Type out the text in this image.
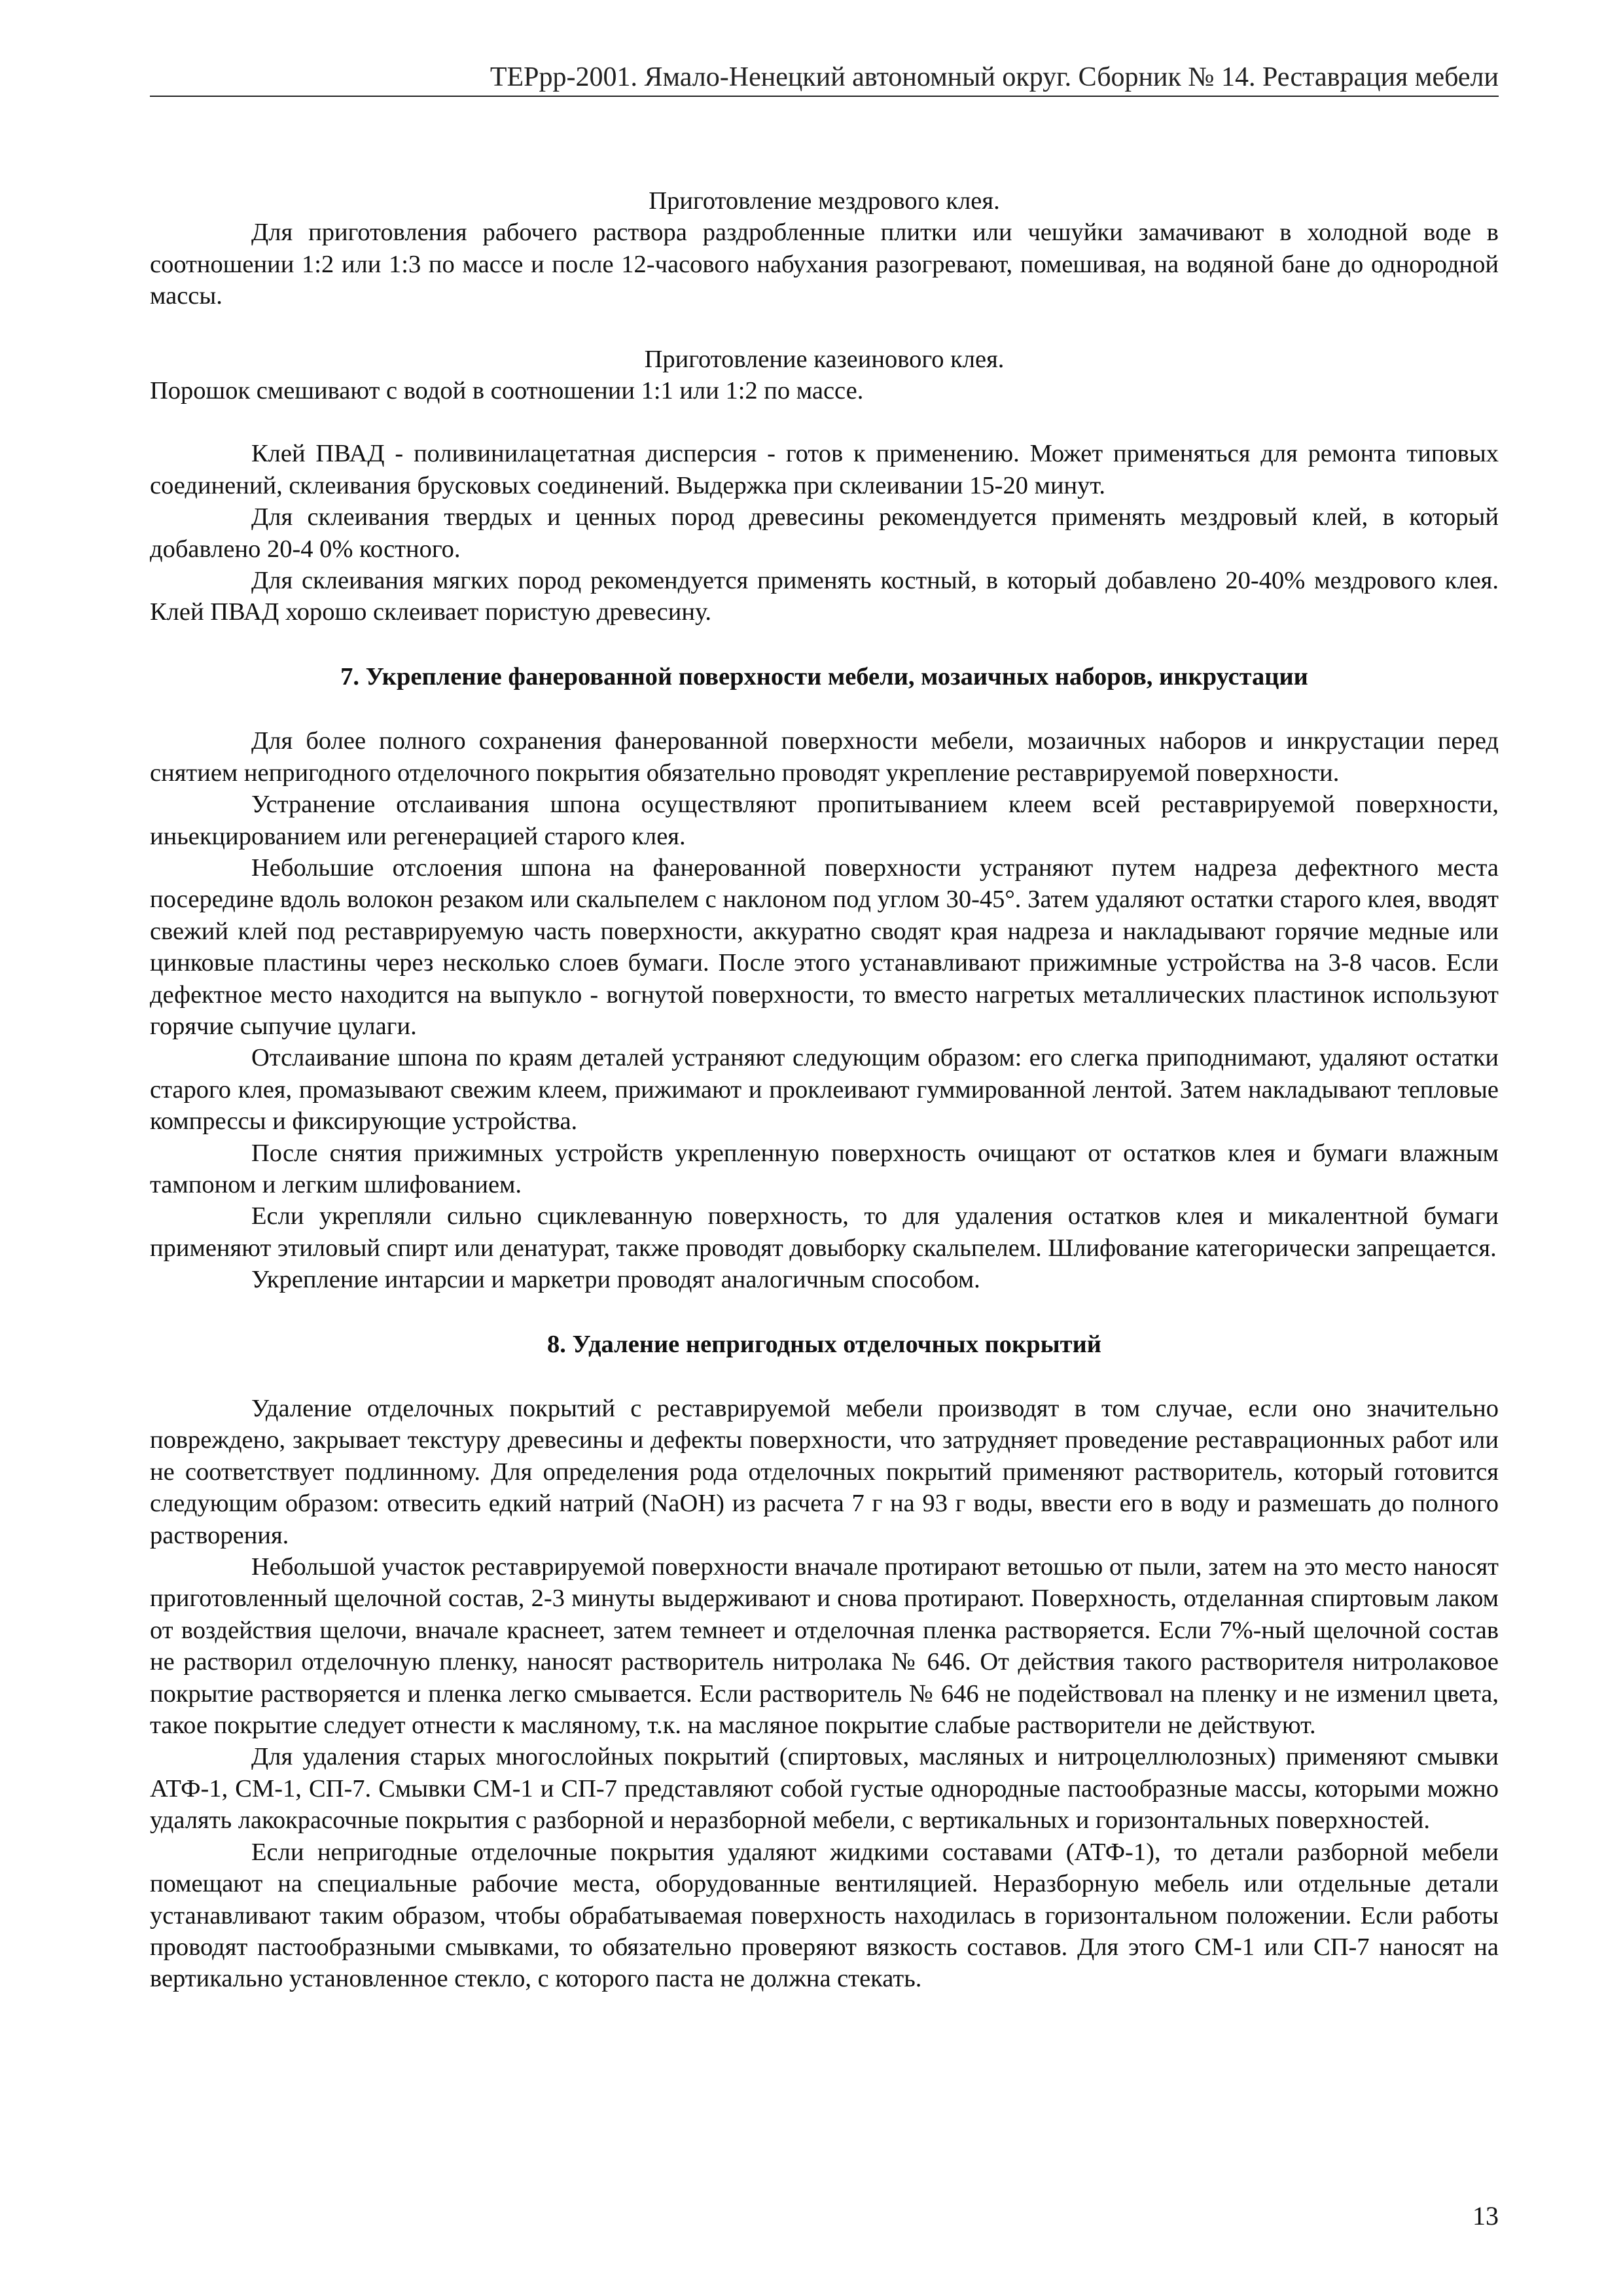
ТЕРрр-2001. Ямало-Ненецкий автономный округ. Сборник № 14. Реставрация мебели

Приготовление мездрового клея.

Для приготовления рабочего раствора раздробленные плитки или чешуйки замачивают в холодной воде в соотношении 1:2 или 1:3 по массе и после 12-часового набухания разогревают, помешивая, на водяной бане до однородной массы.

Приготовление казеинового клея.

Порошок смешивают с водой в соотношении 1:1 или 1:2 по массе.

Клей ПВАД - поливинилацетатная дисперсия - готов к применению. Может применяться для ремонта типовых соединений, склеивания брусковых соединений. Выдержка при склеивании 15-20 минут.

Для склеивания твердых и ценных пород древесины рекомендуется применять мездровый клей, в который добавлено 20-4 0% костного.

Для склеивания мягких пород рекомендуется применять костный, в который добавлено 20-40% мездрового клея. Клей ПВАД хорошо склеивает пористую древесину.

7. Укрепление фанерованной поверхности мебели, мозаичных наборов, инкрустации

Для более полного сохранения фанерованной поверхности мебели, мозаичных наборов и инкрустации перед снятием непригодного отделочного покрытия обязательно проводят укрепление реставрируемой поверхности.

Устранение отслаивания шпона осуществляют пропитыванием клеем всей реставрируемой поверхности, иньекцированием или регенерацией старого клея.

Небольшие отслоения шпона на фанерованной поверхности устраняют путем надреза дефектного места посередине вдоль волокон резаком или скальпелем с наклоном под углом 30-45°. Затем удаляют остатки старого клея, вводят свежий клей под реставрируемую часть поверхности, аккуратно сводят края надреза и накладывают горячие медные или цинковые пластины через несколько слоев бумаги. После этого устанавливают прижимные устройства на 3-8 часов. Если дефектное место находится на выпукло - вогнутой поверхности, то вместо нагретых металлических пластинок используют горячие сыпучие цулаги.

Отслаивание шпона по краям деталей устраняют следующим образом: его слегка приподнимают, удаляют остатки старого клея, промазывают свежим клеем, прижимают и проклеивают гуммированной лентой. Затем накладывают тепловые компрессы и фиксирующие устройства.

После снятия прижимных устройств укрепленную поверхность очищают от остатков клея и бумаги влажным тампоном и легким шлифованием.

Если укрепляли сильно сциклеванную поверхность, то для удаления остатков клея и микалентной бумаги применяют этиловый спирт или денатурат, также проводят довыборку скальпелем. Шлифование категорически запрещается.

Укрепление интарсии и маркетри проводят аналогичным способом.

8. Удаление непригодных отделочных покрытий

Удаление отделочных покрытий с реставрируемой мебели производят в том случае, если оно значительно повреждено, закрывает текстуру древесины и дефекты поверхности, что затрудняет проведение реставрационных работ или не соответствует подлинному. Для определения рода отделочных покрытий применяют растворитель, который готовится следующим образом: отвесить едкий натрий (NaOH) из расчета 7 г на 93 г воды, ввести его в воду и размешать до полного растворения.

Небольшой участок реставрируемой поверхности вначале протирают ветошью от пыли, затем на это место наносят приготовленный щелочной состав, 2-3 минуты выдерживают и снова протирают. Поверхность, отделанная спиртовым лаком от воздействия щелочи, вначале краснеет, затем темнеет и отделочная пленка растворяется. Если 7%-ный щелочной состав не растворил отделочную пленку, наносят растворитель нитролака № 646. От действия такого растворителя нитролаковое покрытие растворяется и пленка легко смывается. Если растворитель № 646 не подействовал на пленку и не изменил цвета, такое покрытие следует отнести к масляному, т.к. на масляное покрытие слабые растворители не действуют.

Для удаления старых многослойных покрытий (спиртовых, масляных и нитроцеллюлозных) применяют смывки АТФ-1, СМ-1, СП-7. Смывки СМ-1 и СП-7 представляют собой густые однородные пастообразные массы, которыми можно удалять лакокрасочные покрытия с разборной и неразборной мебели, с вертикальных и горизонтальных поверхностей.

Если непригодные отделочные покрытия удаляют жидкими составами (АТФ-1), то детали разборной мебели помещают на специальные рабочие места, оборудованные вентиляцией. Неразборную мебель или отдельные детали устанавливают таким образом, чтобы обрабатываемая поверхность находилась в горизонтальном положении. Если работы проводят пастообразными смывками, то обязательно проверяют вязкость составов. Для этого СМ-1 или СП-7 наносят на вертикально установленное стекло, с которого паста не должна стекать.

13
